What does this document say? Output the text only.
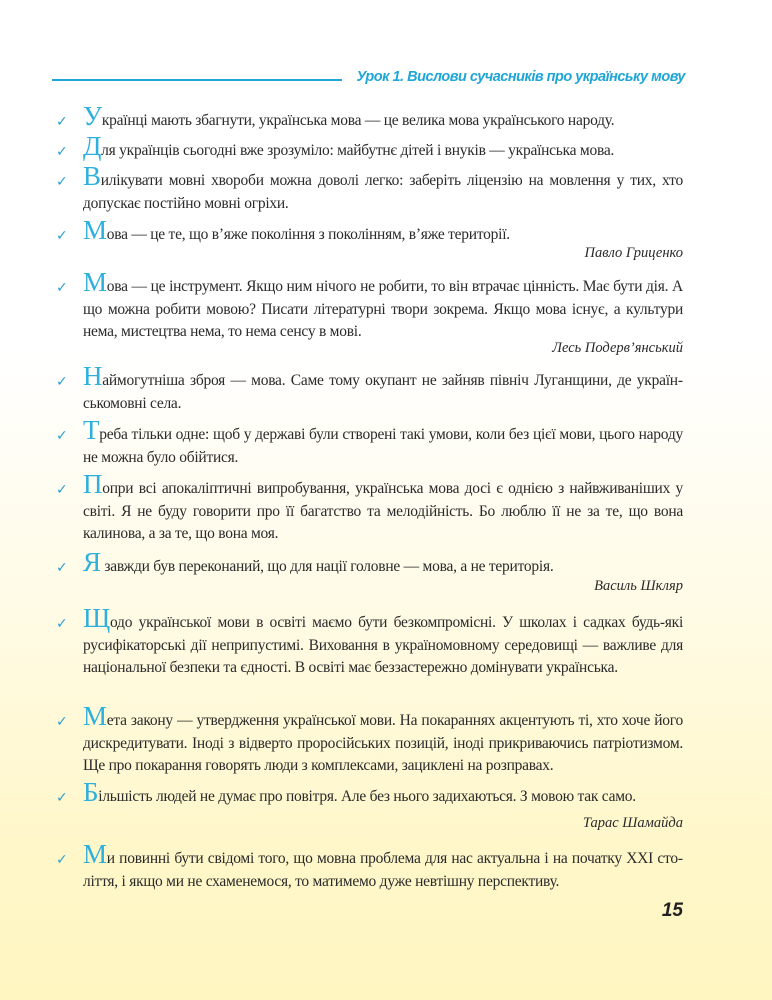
Урок 1. Вислови сучасників про українську мову
✓ Українці мають збагнути, українська мова — це велика мова українського народу.
✓ Для українців сьогодні вже зрозуміло: майбутнє дітей і внуків — українська мова.
✓ Вилікувати мовні хвороби можна доволі легко: заберіть ліцензію на мовлення у тих, хто допускає постійно мовні огріхи.
✓ Мова — це те, що в’яже покоління з поколінням, в’яже території.
✓ Мова — це інструмент. Якщо ним нічого не робити, то він втрачає цінність. Має бути дія. А що можна робити мовою? Писати літературні твори зокрема. Якщо мова існує, а культури нема, мистецтва нема, то нема сенсу в мові.
✓ Наймогутніша зброя — мова. Саме тому окупант не зайняв північ Луганщини, де українськомовні села.
✓ Треба тільки одне: щоб у державі були створені такі умови, коли без цієї мови, цього народу не можна було обійтися.
✓ Попри всі апокаліптичні випробування, українська мова досі є однією з найвживаніших у світі. Я не буду говорити про її багатство та мелодійність. Бо люблю її не за те, що вона калинова, а за те, що вона моя.
✓ Я завжди був переконаний, що для нації головне — мова, а не територія.
✓ Щодо української мови в освіті маємо бути безкомпромісні. У школах і садках будь-які русифікаторські дії неприпустимі. Виховання в україномовному середовищі — важливе для національної безпеки та єдності. В освіті має беззастережно домінувати українська.
✓ Мета закону — утвердження української мови. На покараннях акцентують ті, хто хоче його дискредитувати. Іноді з відверто проросійських позицій, іноді прикриваючись патріотизмом. Ще про покарання говорять люди з комплексами, зациклені на розправах.
✓ Більшість людей не думає про повітря. Але без нього задихаються. З мовою так само.
✓ Ми повинні бути свідомі того, що мовна проблема для нас актуальна і на початку XXI століття, і якщо ми не схаменемося, то матимемо дуже невтішну перспективу.
Павло Гриценко
Лесь Подерв’янський
Василь Шкляр
Тарас Шамайда
15
